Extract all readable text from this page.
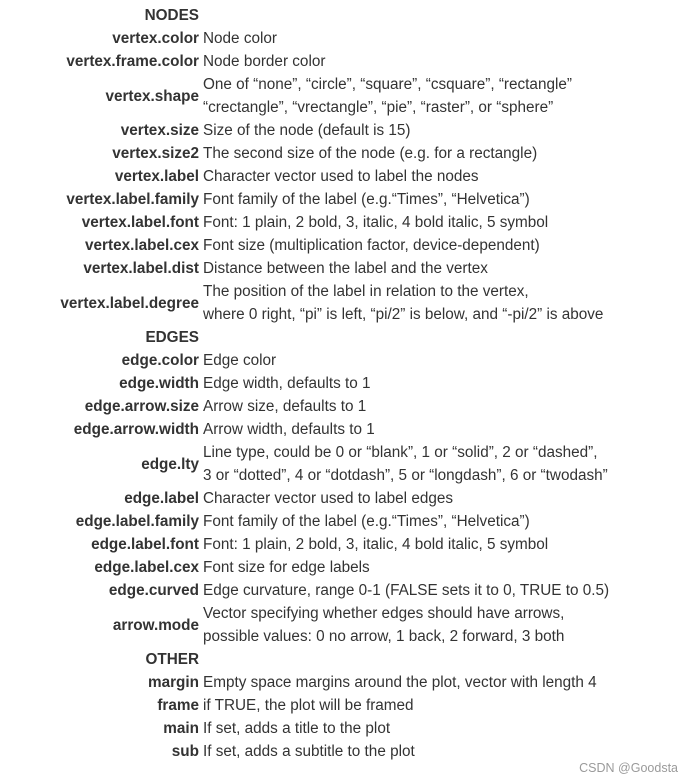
NODES	
vertex.color	Node color

vertex.frame.color	Node border color

vertex.shape	One of “none”, “circle”, “square”, “csquare”, “rectangle”
“crectangle”, “vrectangle”, “pie”, “raster”, or “sphere”

vertex.size	Size of the node (default is 15)

vertex.size2	The second size of the node (e.g. for a rectangle)

vertex.label	Character vector used to label the nodes

vertex.label.family	Font family of the label (e.g.“Times”, “Helvetica”)

vertex.label.font	Font: 1 plain, 2 bold, 3, italic, 4 bold italic, 5 symbol

vertex.label.cex	Font size (multiplication factor, device-dependent)

vertex.label.dist	Distance between the label and the vertex

vertex.label.degree	The position of the label in relation to the vertex,
where 0 right, “pi” is left, “pi/2” is below, and “-pi/2” is above

EDGES	
edge.color	Edge color

edge.width	Edge width, defaults to 1

edge.arrow.size	Arrow size, defaults to 1

edge.arrow.width	Arrow width, defaults to 1

edge.lty	Line type, could be 0 or “blank”, 1 or “solid”, 2 or “dashed”,
3 or “dotted”, 4 or “dotdash”, 5 or “longdash”, 6 or “twodash”

edge.label	Character vector used to label edges

edge.label.family	Font family of the label (e.g.“Times”, “Helvetica”)

edge.label.font	Font: 1 plain, 2 bold, 3, italic, 4 bold italic, 5 symbol

edge.label.cex	Font size for edge labels

edge.curved	Edge curvature, range 0-1 (FALSE sets it to 0, TRUE to 0.5)

arrow.mode	Vector specifying whether edges should have arrows,
possible values: 0 no arrow, 1 back, 2 forward, 3 both

OTHER	
margin	Empty space margins around the plot, vector with length 4

frame	if TRUE, the plot will be framed

main	If set, adds a title to the plot

sub	If set, adds a subtitle to the plot
CSDN @Goodsta
